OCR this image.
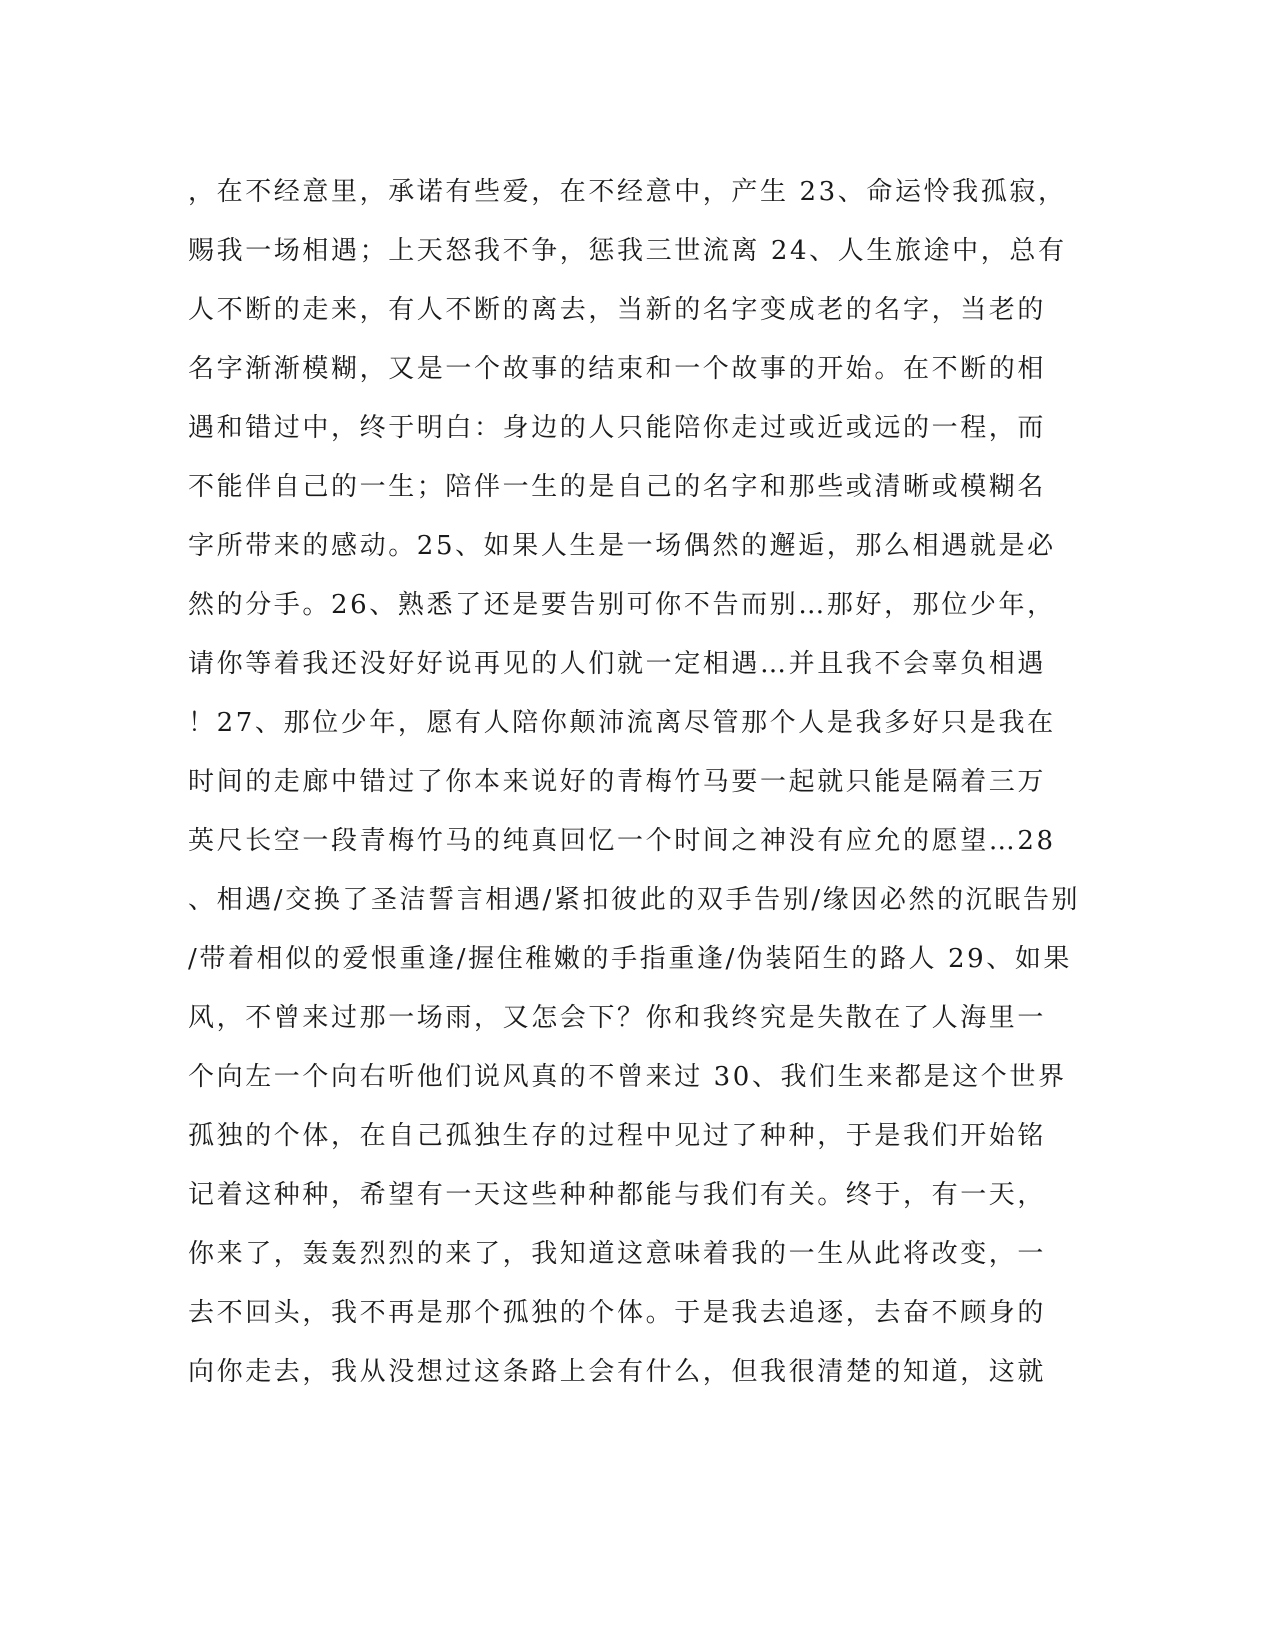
，在不经意里，承诺有些爱，在不经意中，产生 23、命运怜我孤寂，
赐我一场相遇；上天怒我不争，惩我三世流离 24、人生旅途中，总有
人不断的走来，有人不断的离去，当新的名字变成老的名字，当老的
名字渐渐模糊，又是一个故事的结束和一个故事的开始。在不断的相
遇和错过中，终于明白：身边的人只能陪你走过或近或远的一程，而
不能伴自己的一生；陪伴一生的是自己的名字和那些或清晰或模糊名
字所带来的感动。25、如果人生是一场偶然的邂逅，那么相遇就是必
然的分手。26、熟悉了还是要告别可你不告而别…那好，那位少年，
请你等着我还没好好说再见的人们就一定相遇…并且我不会辜负相遇
！27、那位少年，愿有人陪你颠沛流离尽管那个人是我多好只是我在
时间的走廊中错过了你本来说好的青梅竹马要一起就只能是隔着三万
英尺长空一段青梅竹马的纯真回忆一个时间之神没有应允的愿望…28
、相遇/交换了圣洁誓言相遇/紧扣彼此的双手告别/缘因必然的沉眠告别
/带着相似的爱恨重逢/握住稚嫩的手指重逢/伪装陌生的路人 29、如果
风，不曾来过那一场雨，又怎会下？你和我终究是失散在了人海里一
个向左一个向右听他们说风真的不曾来过 30、我们生来都是这个世界
孤独的个体，在自己孤独生存的过程中见过了种种，于是我们开始铭
记着这种种，希望有一天这些种种都能与我们有关。终于，有一天，
你来了，轰轰烈烈的来了，我知道这意味着我的一生从此将改变，一
去不回头，我不再是那个孤独的个体。于是我去追逐，去奋不顾身的
向你走去，我从没想过这条路上会有什么，但我很清楚的知道，这就
